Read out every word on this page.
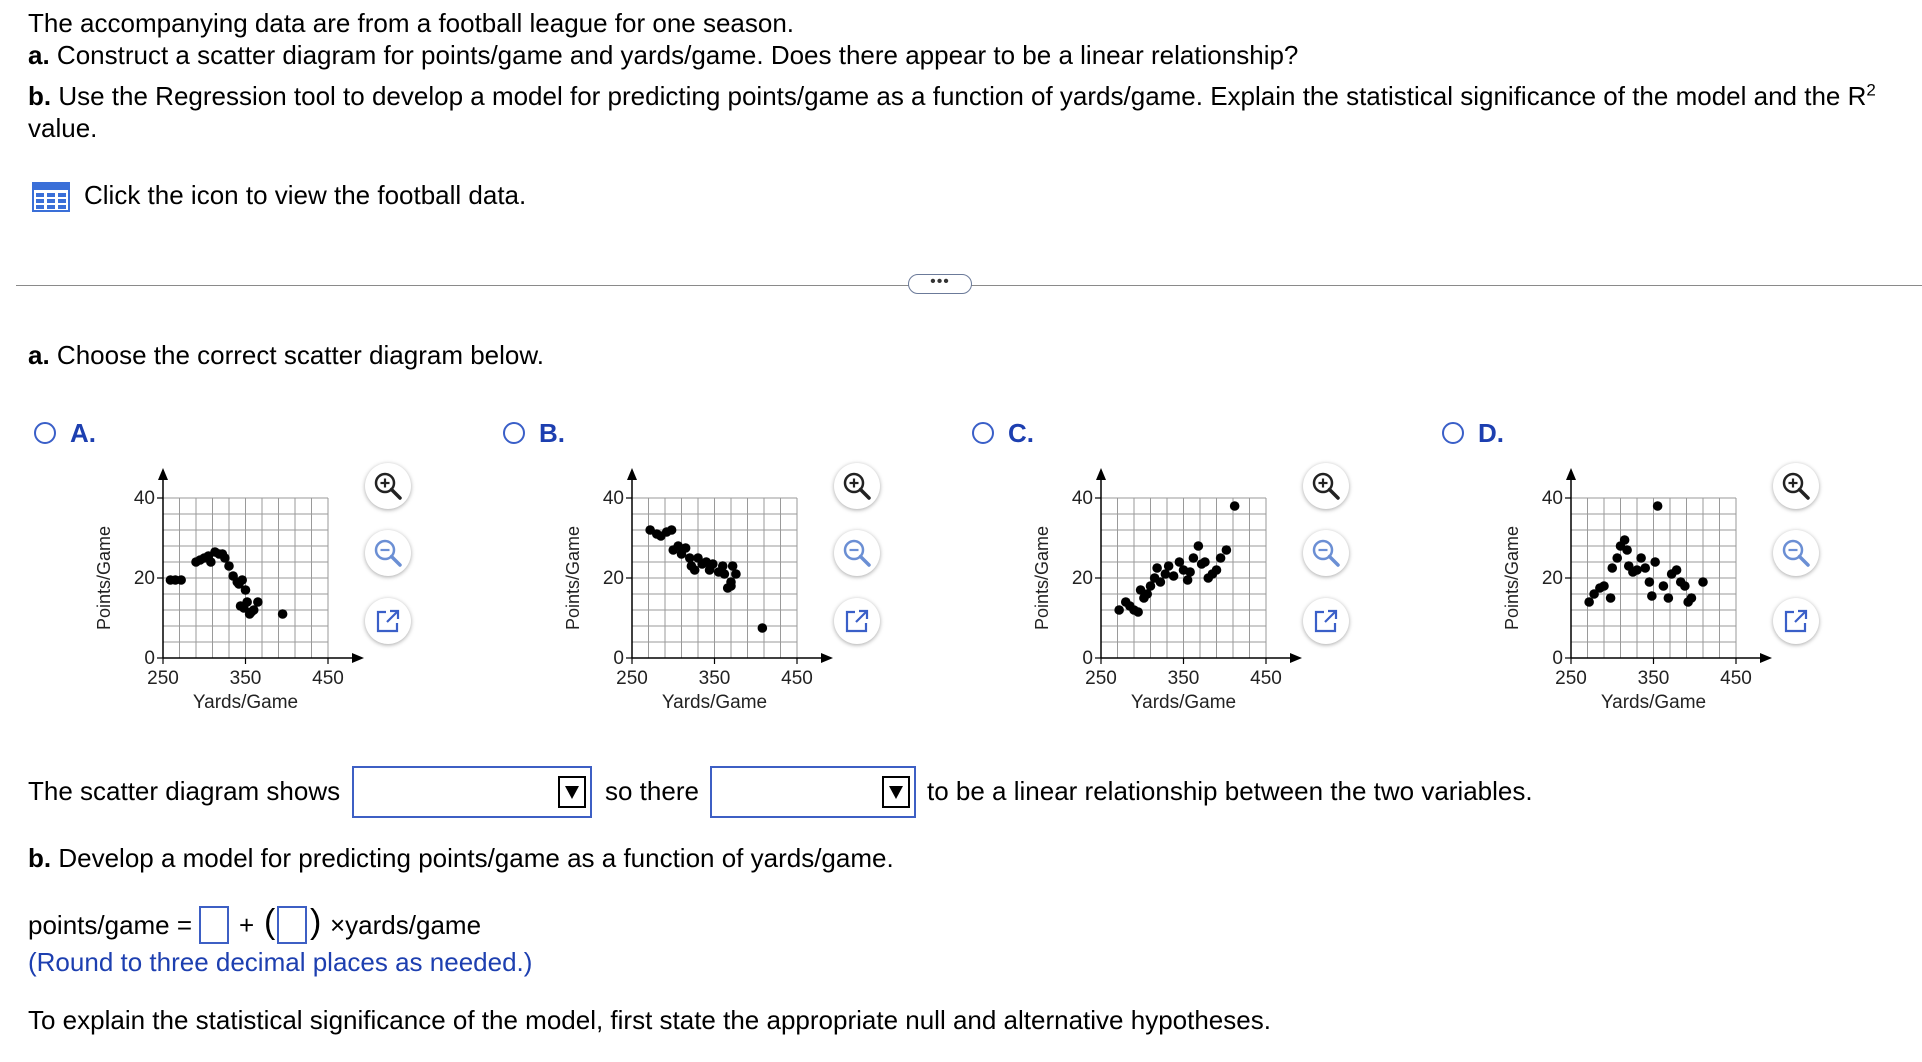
The accompanying data are from a football league for one season.
a. Construct a scatter diagram for points/game and yards/game. Does there appear to be a linear relationship?
b. Use the Regression tool to develop a model for predicting points/game as a function of yards/game. Explain the statistical significance of the model and the $R^2$
value.
Click the icon to view the football data.
•••
a. Choose the correct scatter diagram below.
A.
0
20
40
250	350	450
Yards/Game
Points/Game
B.
0
20
40
250	350	450
Yards/Game
Points/Game
C.
0
20
40
250	350	450
Yards/Game
Points/Game
D.
0
20
40
250	350	450
Yards/Game
Points/Game
The scatter diagram shows	so there	to be a linear relationship between the two variables.
b. Develop a model for predicting points/game as a function of yards/game.
points/game = + ( ) ×yards/game
(Round to three decimal places as needed.)
To explain the statistical significance of the model, first state the appropriate null and alternative hypotheses.
